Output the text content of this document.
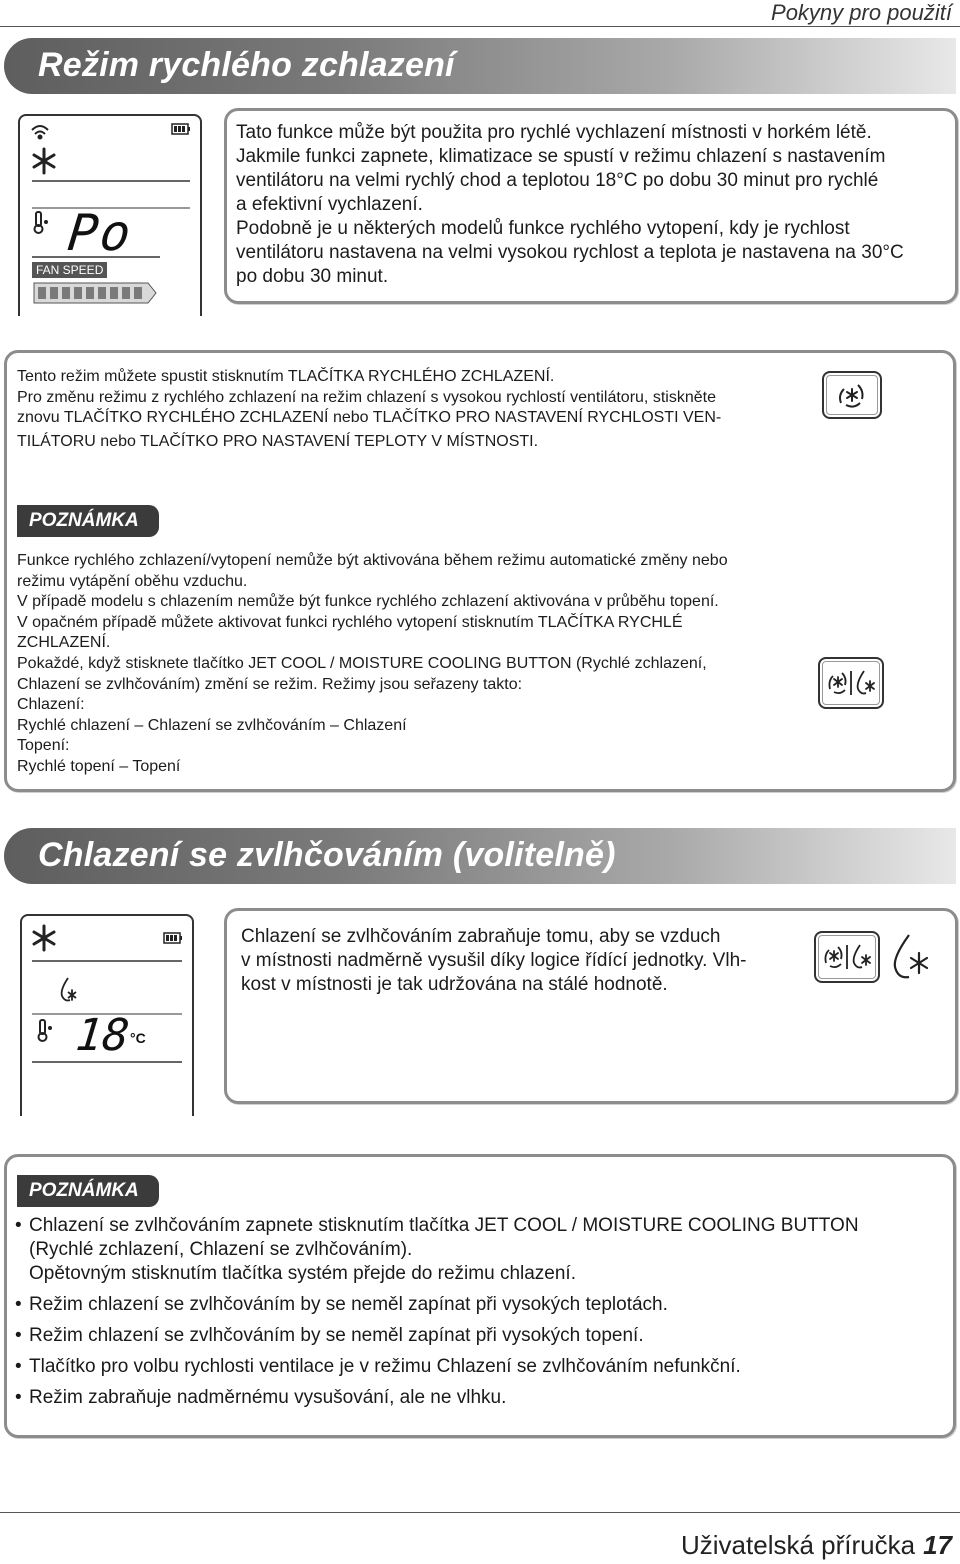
Pokyny pro použití
Režim rychlého zchlazení
Po
FAN SPEED

Tato funkce může být použita pro rychlé vychlazení místnosti v horkém létě.

Jakmile funkci zapnete, klimatizace se spustí v režimu chlazení s nastavením

ventilátoru na velmi rychlý chod a teplotou 18°C po dobu 30 minut pro rychlé

a efektivní vychlazení.

Podobně je u některých modelů funkce rychlého vytopení, kdy je rychlost

ventilátoru nastavena na velmi vysokou rychlost a teplota je nastavena na 30°C

po dobu 30 minut.

Tento režim můžete spustit stisknutím TLAČÍTKA RYCHLÉHO ZCHLAZENÍ.

Pro změnu režimu z rychlého zchlazení na režim chlazení s vysokou rychlostí ventilátoru, stiskněte

znovu TLAČÍTKO RYCHLÉHO ZCHLAZENÍ nebo TLAČÍTKO PRO NASTAVENÍ RYCHLOSTI VEN-

TILÁTORU nebo TLAČÍTKO PRO NASTAVENÍ TEPLOTY V MÍSTNOSTI.

POZNÁMKA

Funkce rychlého zchlazení/vytopení nemůže být aktivována během režimu automatické změny nebo

režimu vytápění oběhu vzduchu.

V případě modelu s chlazením nemůže být funkce rychlého zchlazení aktivována v průběhu topení.

V opačném případě můžete aktivovat funkci rychlého vytopení stisknutím TLAČÍTKA RYCHLÉ

ZCHLAZENÍ.

Pokaždé, když stisknete tlačítko JET COOL / MOISTURE COOLING BUTTON (Rychlé zchlazení,

Chlazení se zvlhčováním) změní se režim. Režimy jsou seřazeny takto:

Chlazení:

Rychlé chlazení – Chlazení se zvlhčováním – Chlazení

Topení:

Rychlé topení – Topení

Chlazení se zvlhčováním (volitelně)
18
°C

Chlazení se zvlhčováním zabraňuje tomu, aby se vzduch

v místnosti nadměrně vysušil díky logice řídící jednotky. Vlh-

kost v místnosti je tak udržována na stálé hodnotě.

POZNÁMKA
• Chlazení se zvlhčováním zapnete stisknutím tlačítka JET COOL / MOISTURE COOLING BUTTON
(Rychlé zchlazení, Chlazení se zvlhčováním).
Opětovným stisknutím tlačítka systém přejde do režimu chlazení.
• Režim chlazení se zvlhčováním by se neměl zapínat při vysokých teplotách.
• Režim chlazení se zvlhčováním by se neměl zapínat při vysokých topení.
• Tlačítko pro volbu rychlosti ventilace je v režimu Chlazení se zvlhčováním nefunkční.
• Režim zabraňuje nadměrnému vysušování, ale ne vlhku.
Uživatelská příručka 17
